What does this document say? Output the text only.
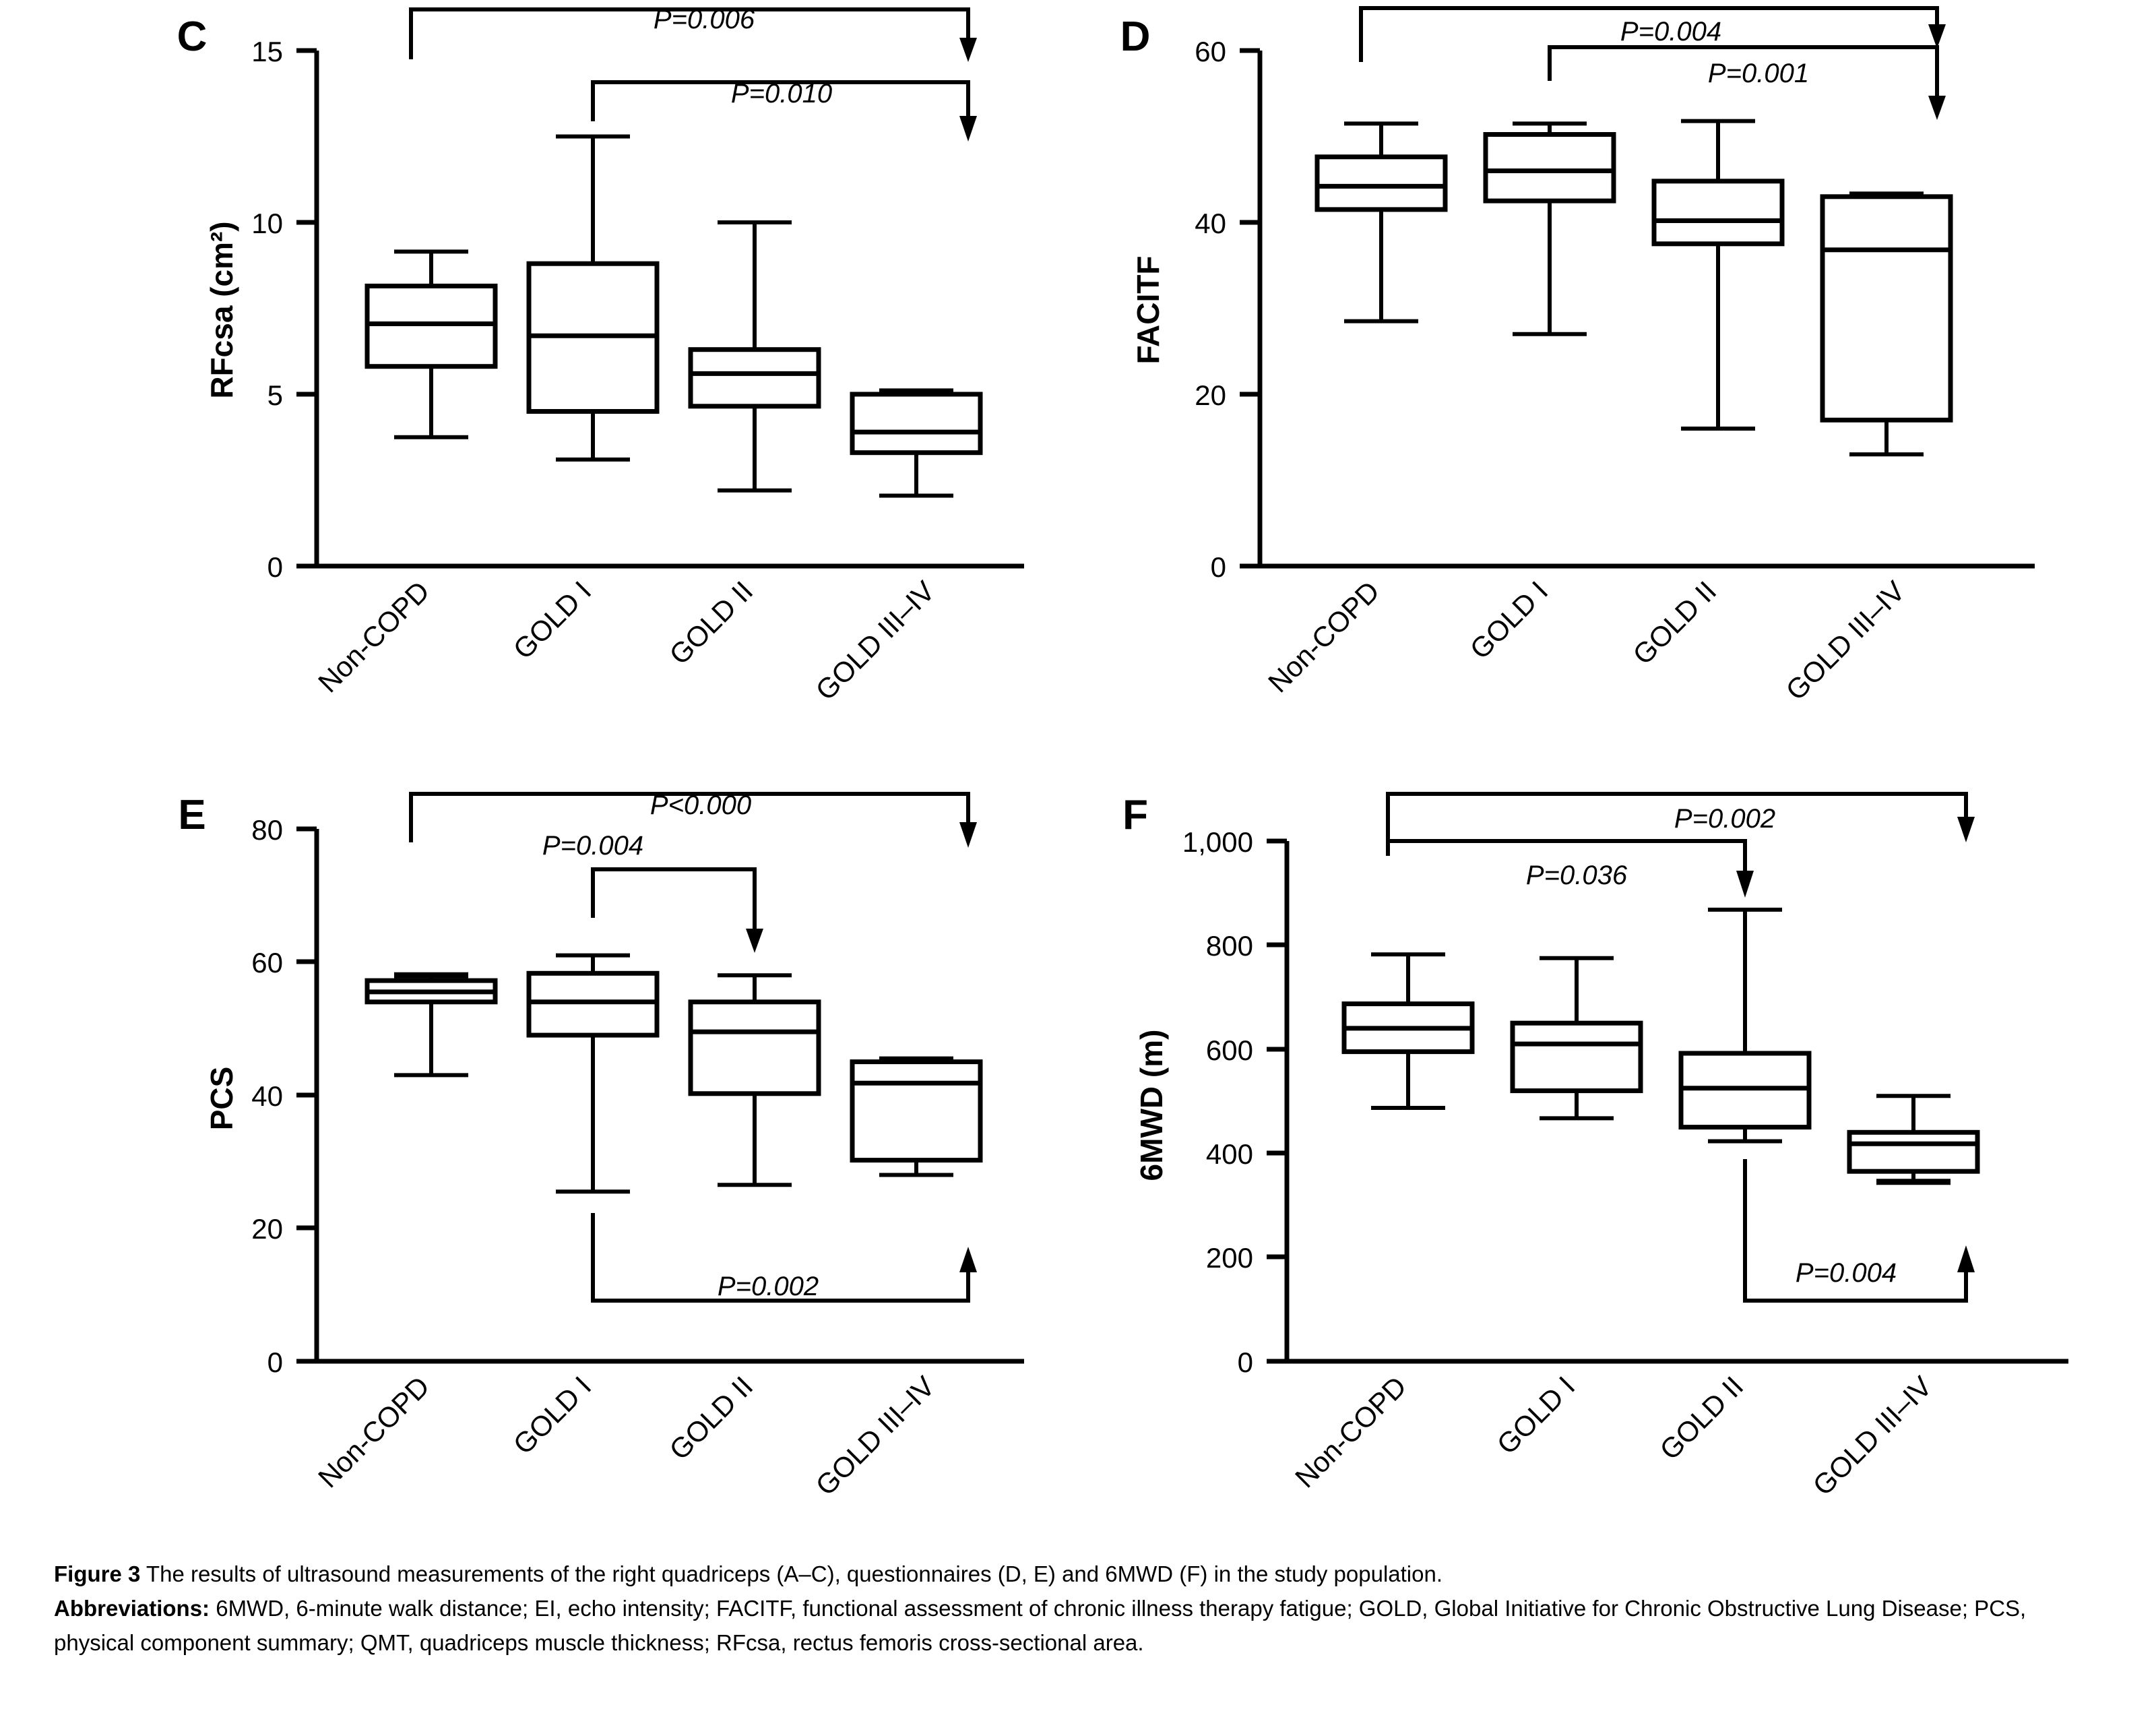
C
0
5
10
15
RFcsa (cm²)
P=0.006
P=0.010
Non-COPD	GOLD I GOLD II GOLD III–IV
D
0
20
40
60
FACITF
P=0.004
P=0.001
Non-COPD	GOLD I	GOLD II GOLD III–IV
E
0
20
40
60
80
PCS
P<0.000
P=0.004
P=0.002
Non-COPD	GOLD I GOLD II GOLD III–IV
F
0
200
400
600
800
1,000
6MWD (m)
P=0.002
P=0.036
P=0.004
Non-COPD	GOLD I	GOLD II GOLD III–IV
Figure 3 The results of ultrasound measurements of the right quadriceps (A–C), questionnaires (D, E) and 6MWD (F) in the study population.
Abbreviations: 6MWD, 6-minute walk distance; EI, echo intensity; FACITF, functional assessment of chronic illness therapy fatigue; GOLD, Global Initiative for Chronic Obstructive Lung Disease; PCS, physical component summary; QMT, quadriceps muscle thickness; RFcsa, rectus femoris cross-sectional area.
